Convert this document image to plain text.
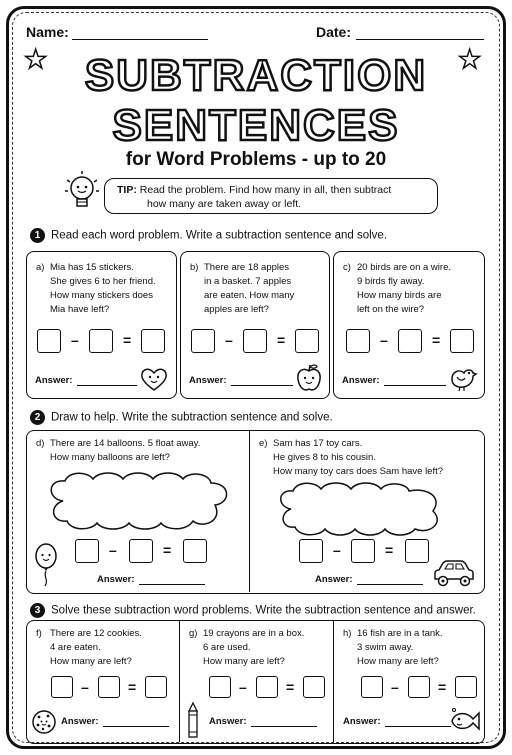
Name:	Date:
★	★
SUBTRACTION
SENTENCES
for Word Problems - up to 20
TIP: Read the problem. Find how many in all, then subtract
how many are taken away or left.
1 Read each word problem. Write a subtraction sentence and solve.
a) Mia has 15 stickers.
She gives 6 to her friend.
How many stickers does
Mia have left?
–	=
Answer:
b) There are 18 apples
in a basket. 7 apples
are eaten. How many
apples are left?
–	=
Answer:
c) 20 birds are on a wire.
9 birds fly away.
How many birds are
left on the wire?
–	=
Answer:
2 Draw to help. Write the subtraction sentence and solve.
d) There are 14 balloons. 5 float away.
How many balloons are left?
–	=
Answer:
e) Sam has 17 toy cars.
He gives 8 to his cousin.
How many toy cars does Sam have left?
–	=
Answer:
3 Solve these subtraction word problems. Write the subtraction sentence and answer.
f) There are 12 cookies.
4 are eaten.
How many are left?
–	=
Answer:
g) 19 crayons are in a box.
6 are used.
How many are left?
–	=
Answer:
h) 16 fish are in a tank.
3 swim away.
How many are left?
–	=
Answer:
